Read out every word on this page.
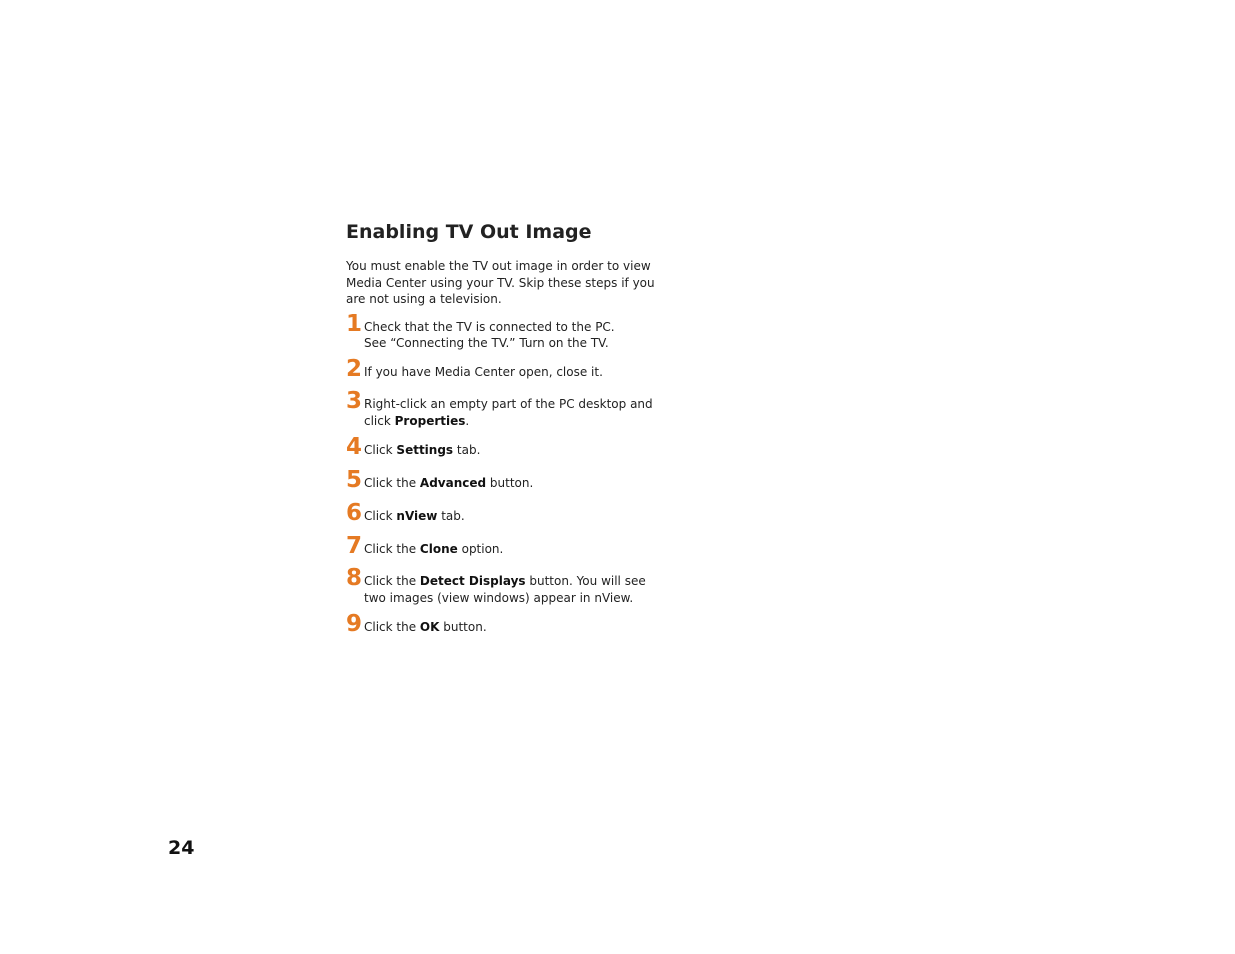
Enabling TV Out Image

You must enable the TV out image in order to view
Media Center using your TV. Skip these steps if you
are not using a television.

1 Check that the TV is connected to the PC.
See “Connecting the TV.” Turn on the TV.
2 If you have Media Center open, close it.
3 Right-click an empty part of the PC desktop and
click Properties.
4 Click Settings tab.
5 Click the Advanced button.
6 Click nView tab.
7 Click the Clone option.
8 Click the Detect Displays button. You will see
two images (view windows) appear in nView.
9 Click the OK button.
24
